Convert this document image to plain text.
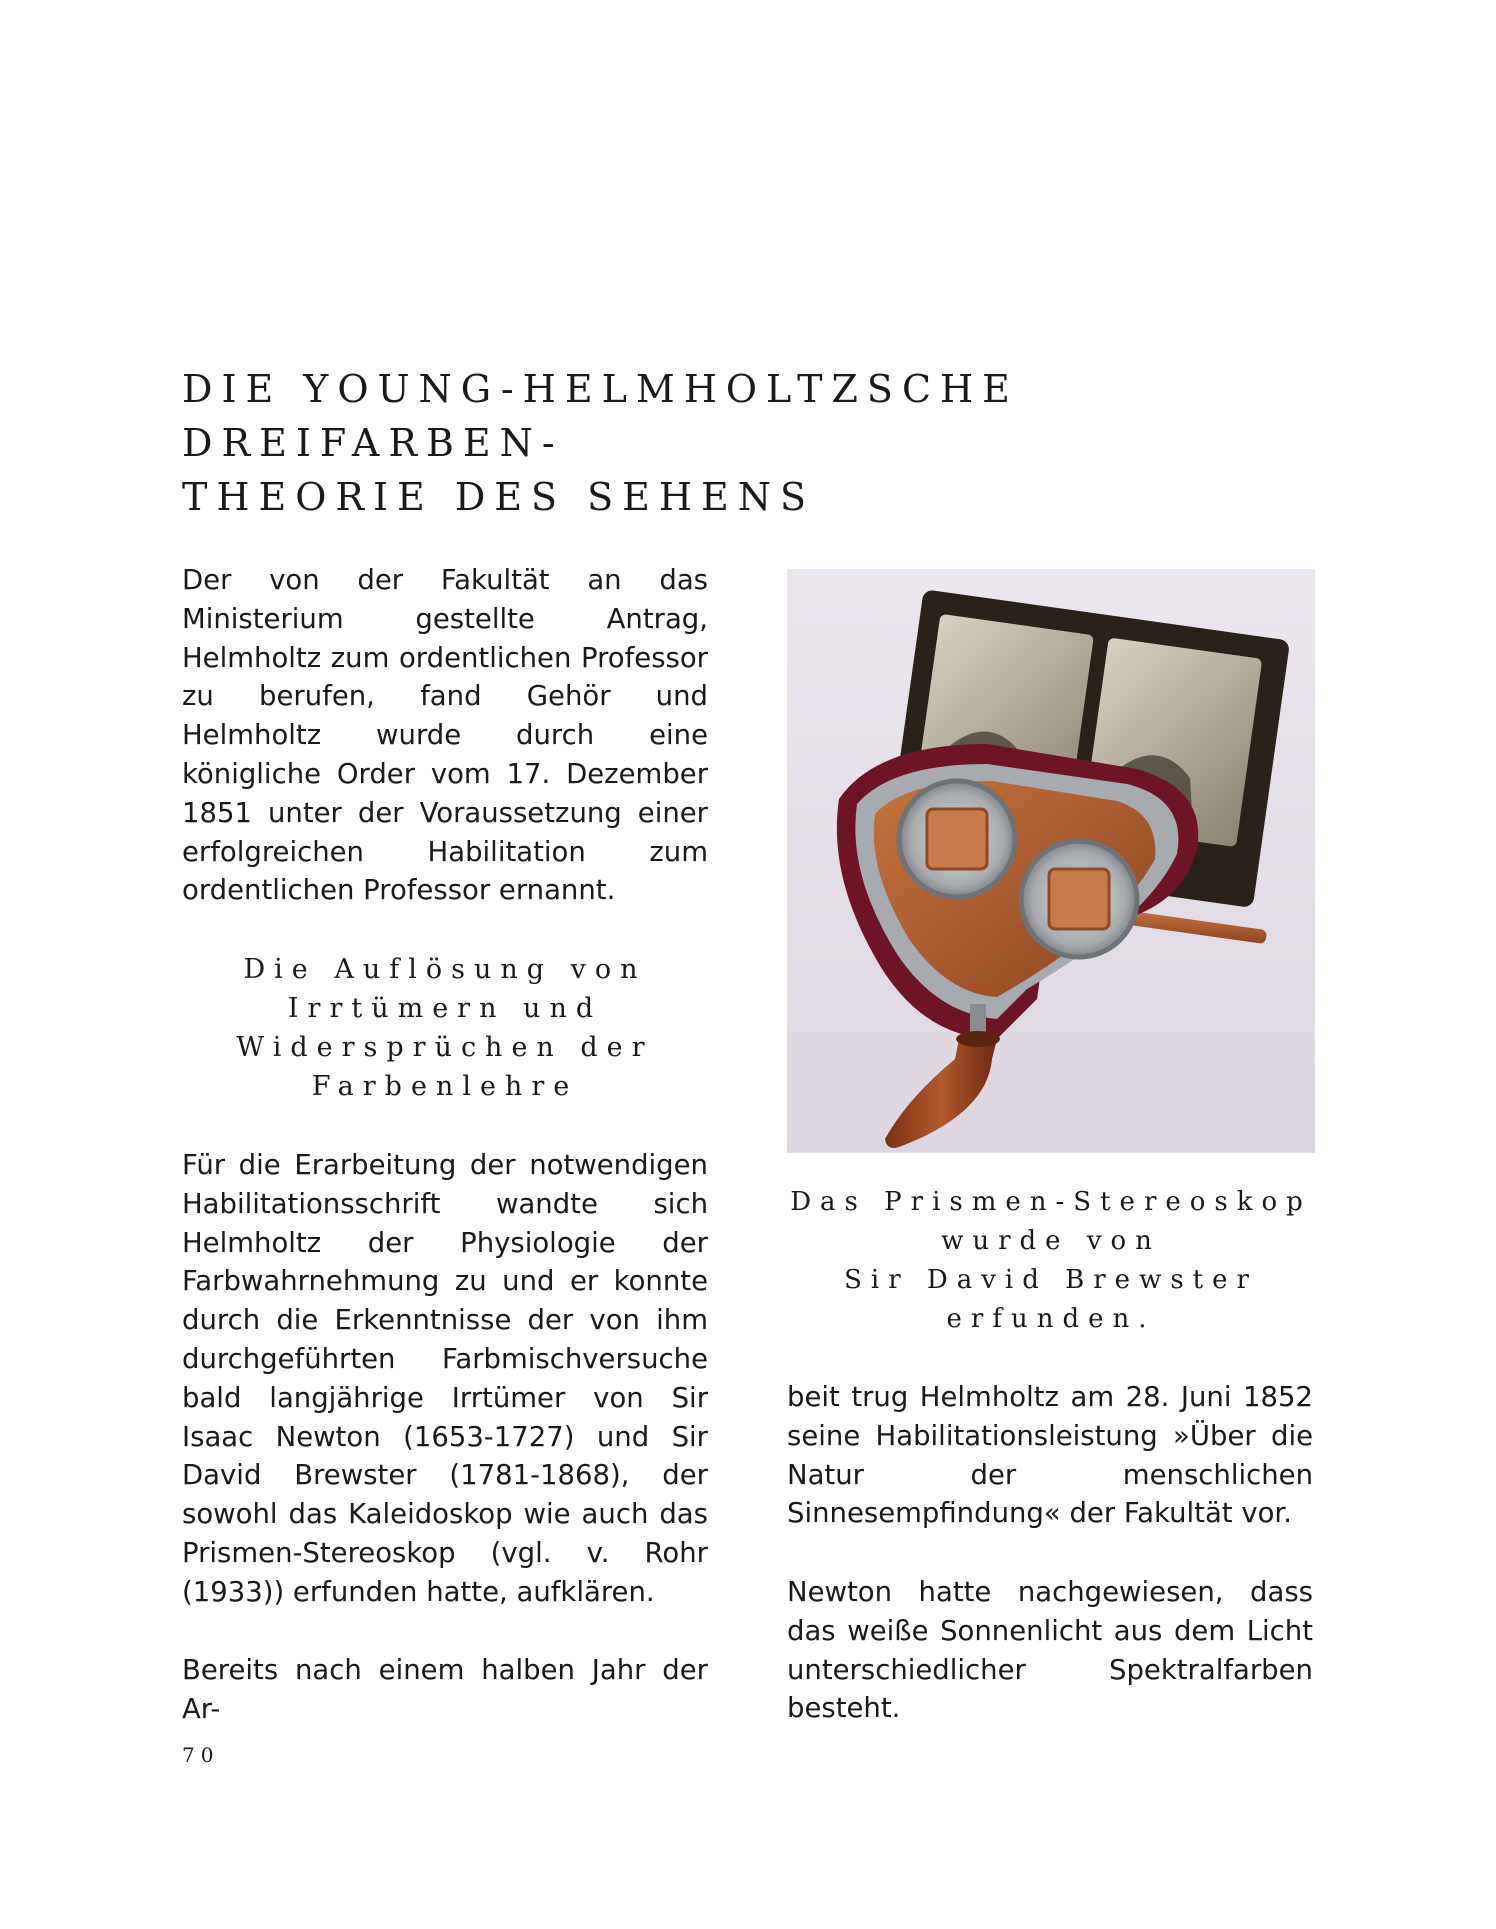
DIE YOUNG-HELMHOLTZSCHE DREIFARBEN-
THEORIE DES SEHENS

Der von der Fakultät an das Ministerium gestellte Antrag, Helmholtz zum ordentlichen Professor zu berufen, fand Gehör und Helmholtz wurde durch eine königliche Order vom 17. Dezember 1851 unter der Voraussetzung einer erfolgreichen Habilitation zum ordentlichen Professor ernannt.

Die Auflösung von
Irrtümern und
Widersprüchen der
Farbenlehre

Für die Erarbeitung der notwendigen Habilitationsschrift wandte sich Helmholtz der Physiologie der Farbwahrnehmung zu und er konnte durch die Erkenntnisse der von ihm durchgeführten Farbmischversuche bald langjährige Irrtümer von Sir Isaac Newton (1653-1727) und Sir David Brewster (1781-1868), der sowohl das Kaleidoskop wie auch das Prismen-Stereoskop (vgl. v. Rohr (1933)) erfunden hatte, aufklären.

Bereits nach einem halben Jahr der Ar-

Das Prismen-Stereoskop
wurde von
Sir David Brewster
erfunden.

beit trug Helmholtz am 28. Juni 1852 seine Habilitationsleistung »Über die Natur der menschlichen Sinnesempfindung« der Fakultät vor.

Newton hatte nachgewiesen, dass das weiße Sonnenlicht aus dem Licht unterschiedlicher Spektralfarben besteht.

70
